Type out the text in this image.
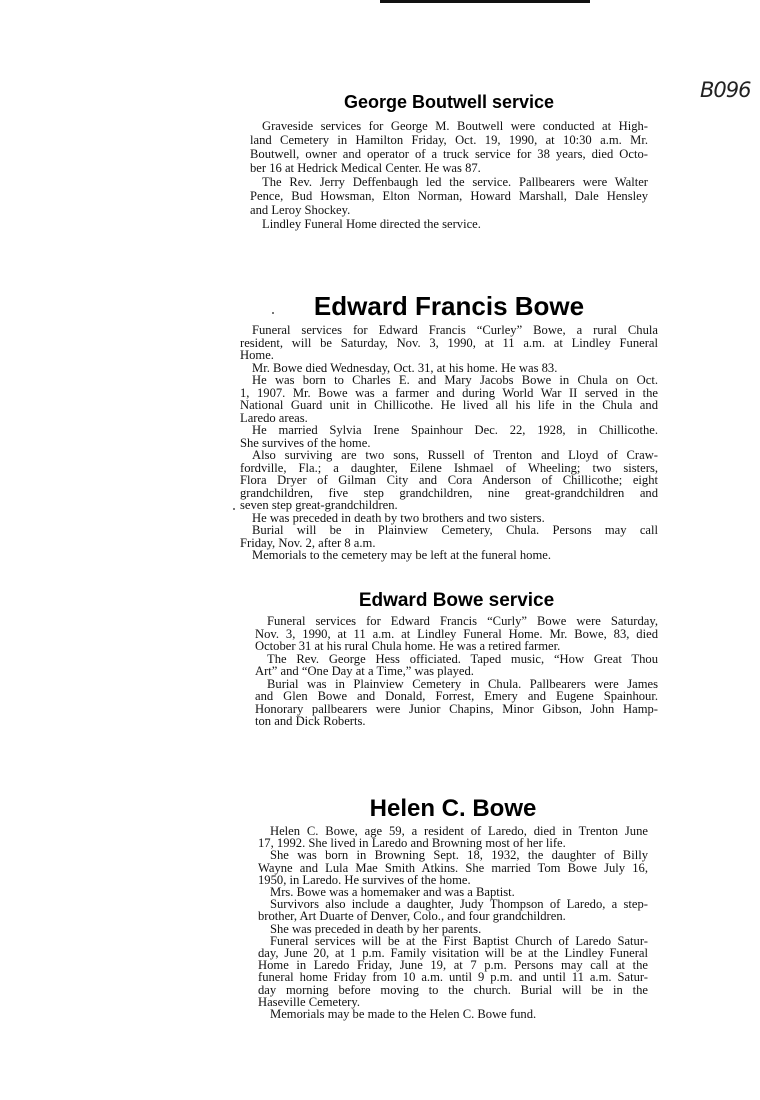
B096
George Boutwell service
Graveside services for George M. Boutwell were conducted at High-
land Cemetery in Hamilton Friday, Oct. 19, 1990, at 10:30 a.m. Mr.
Boutwell, owner and operator of a truck service for 38 years, died Octo-
ber 16 at Hedrick Medical Center. He was 87.
The Rev. Jerry Deffenbaugh led the service. Pallbearers were Walter
Pence, Bud Howsman, Elton Norman, Howard Marshall, Dale Hensley
and Leroy Shockey.
Lindley Funeral Home directed the service.
Edward Francis Bowe
Funeral services for Edward Francis “Curley” Bowe, a rural Chula
resident, will be Saturday, Nov. 3, 1990, at 11 a.m. at Lindley Funeral
Home.
Mr. Bowe died Wednesday, Oct. 31, at his home. He was 83.
He was born to Charles E. and Mary Jacobs Bowe in Chula on Oct.
1, 1907. Mr. Bowe was a farmer and during World War II served in the
National Guard unit in Chillicothe. He lived all his life in the Chula and
Laredo areas.
He married Sylvia Irene Spainhour Dec. 22, 1928, in Chillicothe.
She survives of the home.
Also surviving are two sons, Russell of Trenton and Lloyd of Craw-
fordville, Fla.; a daughter, Eilene Ishmael of Wheeling; two sisters,
Flora Dryer of Gilman City and Cora Anderson of Chillicothe; eight
grandchildren, five step grandchildren, nine great-grandchildren and
seven step great-grandchildren.
He was preceded in death by two brothers and two sisters.
Burial will be in Plainview Cemetery, Chula. Persons may call
Friday, Nov. 2, after 8 a.m.
Memorials to the cemetery may be left at the funeral home.
Edward Bowe service
Funeral services for Edward Francis “Curly” Bowe were Saturday,
Nov. 3, 1990, at 11 a.m. at Lindley Funeral Home. Mr. Bowe, 83, died
October 31 at his rural Chula home. He was a retired farmer.
The Rev. George Hess officiated. Taped music, “How Great Thou
Art” and “One Day at a Time,” was played.
Burial was in Plainview Cemetery in Chula. Pallbearers were James
and Glen Bowe and Donald, Forrest, Emery and Eugene Spainhour.
Honorary pallbearers were Junior Chapins, Minor Gibson, John Hamp-
ton and Dick Roberts.
Helen C. Bowe
Helen C. Bowe, age 59, a resident of Laredo, died in Trenton June
17, 1992. She lived in Laredo and Browning most of her life.
She was born in Browning Sept. 18, 1932, the daughter of Billy
Wayne and Lula Mae Smith Atkins. She married Tom Bowe July 16,
1950, in Laredo. He survives of the home.
Mrs. Bowe was a homemaker and was a Baptist.
Survivors also include a daughter, Judy Thompson of Laredo, a step-
brother, Art Duarte of Denver, Colo., and four grandchildren.
She was preceded in death by her parents.
Funeral services will be at the First Baptist Church of Laredo Satur-
day, June 20, at 1 p.m. Family visitation will be at the Lindley Funeral
Home in Laredo Friday, June 19, at 7 p.m. Persons may call at the
funeral home Friday from 10 a.m. until 9 p.m. and until 11 a.m. Satur-
day morning before moving to the church. Burial will be in the
Haseville Cemetery.
Memorials may be made to the Helen C. Bowe fund.
